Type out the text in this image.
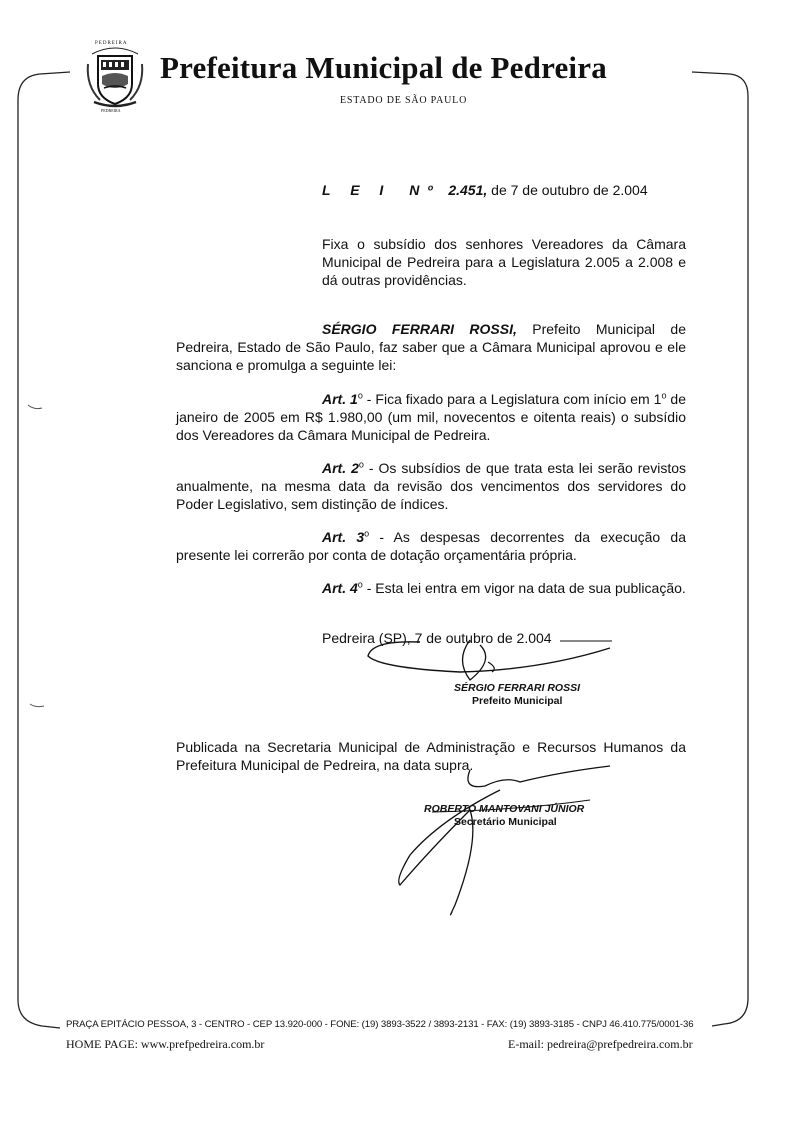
PEDREIRA
PEDREIRA
Prefeitura Municipal de Pedreira
ESTADO DE SÃO PAULO
L E I Nº 2.451, de 7 de outubro de 2.004
Fixa o subsídio dos senhores Vereadores da Câmara Municipal de Pedreira para a Legislatura 2.005 a 2.008 e dá outras providências.

SÉRGIO FERRARI ROSSI, Prefeito Municipal de Pedreira, Estado de São Paulo, faz saber que a Câmara Municipal aprovou e ele sanciona e promulga a seguinte lei:

Art. 1$^o$ - Fica fixado para a Legislatura com início em 1$^o$ de janeiro de 2005 em R$ 1.980,00 (um mil, novecentos e oitenta reais) o subsídio dos Vereadores da Câmara Municipal de Pedreira.

Art. 2$^o$ - Os subsídios de que trata esta lei serão revistos anualmente, na mesma data da revisão dos vencimentos dos servidores do Poder Legislativo, sem distinção de índices.

Art. 3$^o$ - As despesas decorrentes da execução da presente lei correrão por conta de dotação orçamentária própria.

Art. 4$^o$ - Esta lei entra em vigor na data de sua publicação.

Pedreira (SP), 7 de outubro de 2.004
SÉRGIO FERRARI ROSSI
Prefeito Municipal

Publicada na Secretaria Municipal de Administração e Recursos Humanos da Prefeitura Municipal de Pedreira, na data supra.

ROBERTO MANTOVANI JÚNIOR
Secretário Municipal
PRAÇA EPITÁCIO PESSOA, 3 - CENTRO - CEP 13.920-000 - FONE: (19) 3893-3522 / 3893-2131 - FAX: (19) 3893-3185 - CNPJ 46.410.775/0001-36
HOME PAGE: www.prefpedreira.com.br	E-mail: pedreira@prefpedreira.com.br
